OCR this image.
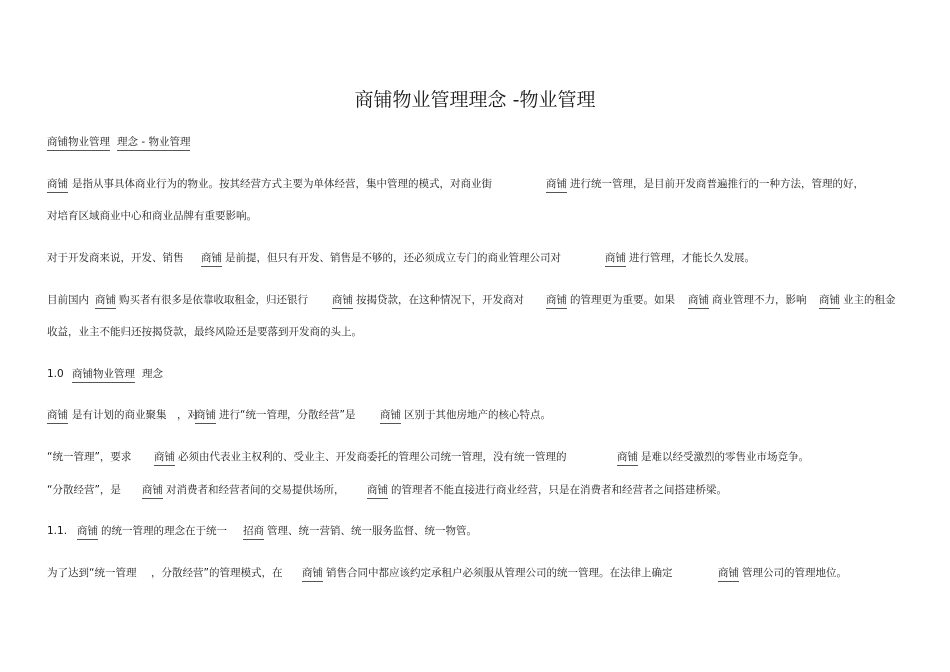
商铺物业管理理念 -物业管理
商铺物业管理 理念 - 物业管理
商铺 是指从事具体商业行为的物业。按其经营方式主要为单体经营，集中管理的模式，对商业街	商铺 进行统一管理，是目前开发商普遍推行的一种方法，管理的好，
对培育区域商业中心和商业品牌有重要影响。
对于开发商来说，开发、销售 商铺 是前提，但只有开发、销售是不够的，还必须成立专门的商业管理公司对	商铺 进行管理，才能长久发展。
目前国内 商铺 购买者有很多是依靠收取租金，归还银行 商铺 按揭贷款，在这种情况下，开发商对 商铺 的管理更为重要。如果 商铺 商业管理不力，影响 商铺 业主的租金
收益，业主不能归还按揭贷款，最终风险还是要落到开发商的头上。
1.0 商铺物业管理 理念
商铺 是有计划的商业聚集 ，对
商铺 进行“统一管理 ，分散经营”是 商铺 区别于其他房地产的核心特点。
“统一管理”，要求 商铺 必须由代表业主权利的、受业主、开发商委托的管理公司统一管理，没有统一管理的	商铺 是难以经受激烈的零售业市场竞争。
“分散经营”，是 商铺 对消费者和经营者间的交易提供场所， 商铺 的管理者不能直接进行商业经营，只是在消费者和经营者之间搭建桥梁。
1.1. 商铺 的统一管理的理念在于统一 招商 管理、统一营销、统一服务监督、统一物管。
为了达到“统一管理 ，分散经营”的管理模式，在 商铺 销售合同中都应该约定承租户必须服从管理公司的统一管理。在法律上确定	商铺 管理公司的管理地位。
